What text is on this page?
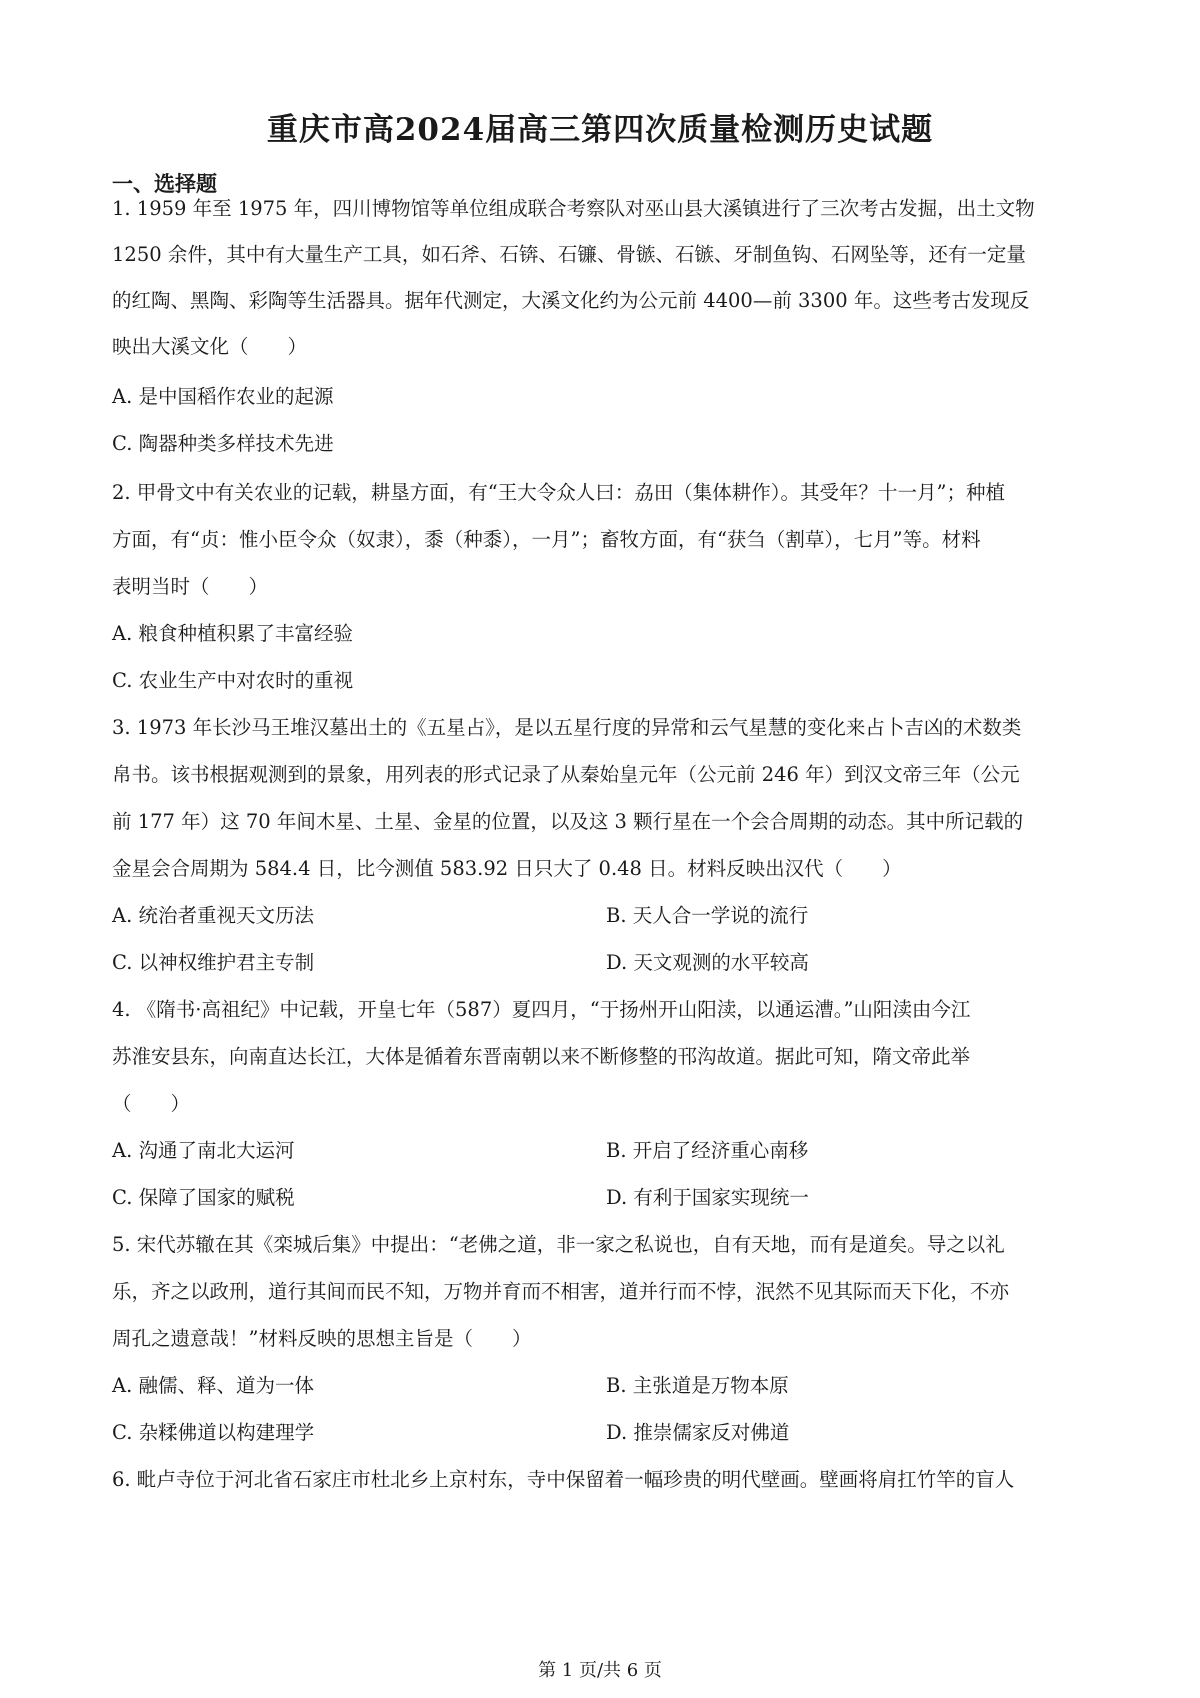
重庆市高2024届高三第四次质量检测历史试题
一、选择题
1. 1959 年至 1975 年，四川博物馆等单位组成联合考察队对巫山县大溪镇进行了三次考古发掘，出土文物
1250 余件，其中有大量生产工具，如石斧、石锛、石镰、骨镞、石镞、牙制鱼钩、石网坠等，还有一定量
的红陶、黑陶、彩陶等生活器具。据年代测定，大溪文化约为公元前 4400—前 3300 年。这些考古发现反
映出大溪文化（　　）
A. 是中国稻作农业的起源
C. 陶器种类多样技术先进
2. 甲骨文中有关农业的记载，耕垦方面，有“王大令众人曰：劦田（集体耕作）。其受年？十一月”；种植
方面，有“贞：惟小臣令众（奴隶），黍（种黍），一月”；畜牧方面，有“获刍（割草），七月”等。材料
表明当时（　　）
A. 粮食种植积累了丰富经验
C. 农业生产中对农时的重视
3. 1973 年长沙马王堆汉墓出土的《五星占》，是以五星行度的异常和云气星慧的变化来占卜吉凶的术数类
帛书。该书根据观测到的景象，用列表的形式记录了从秦始皇元年（公元前 246 年）到汉文帝三年（公元
前 177 年）这 70 年间木星、土星、金星的位置，以及这 3 颗行星在一个会合周期的动态。其中所记载的
金星会合周期为 584.4 日，比今测值 583.92 日只大了 0.48 日。材料反映出汉代（　　）
A. 统治者重视天文历法	B. 天人合一学说的流行
C. 以神权维护君主专制	D. 天文观测的水平较高
4. 《隋书·高祖纪》中记载，开皇七年（587）夏四月，“于扬州开山阳渎，以通运漕。”山阳渎由今江
苏淮安县东，向南直达长江，大体是循着东晋南朝以来不断修整的邗沟故道。据此可知，隋文帝此举
（　　）
A. 沟通了南北大运河	B. 开启了经济重心南移
C. 保障了国家的赋税	D. 有利于国家实现统一
5. 宋代苏辙在其《栾城后集》中提出：“老佛之道，非一家之私说也，自有天地，而有是道矣。导之以礼
乐，齐之以政刑，道行其间而民不知，万物并育而不相害，道并行而不悖，泯然不见其际而天下化，不亦
周孔之遗意哉！”材料反映的思想主旨是（　　）
A. 融儒、释、道为一体	B. 主张道是万物本原
C. 杂糅佛道以构建理学	D. 推崇儒家反对佛道
6. 毗卢寺位于河北省石家庄市杜北乡上京村东，寺中保留着一幅珍贵的明代壁画。壁画将肩扛竹竿的盲人
第 1 页/共 6 页
